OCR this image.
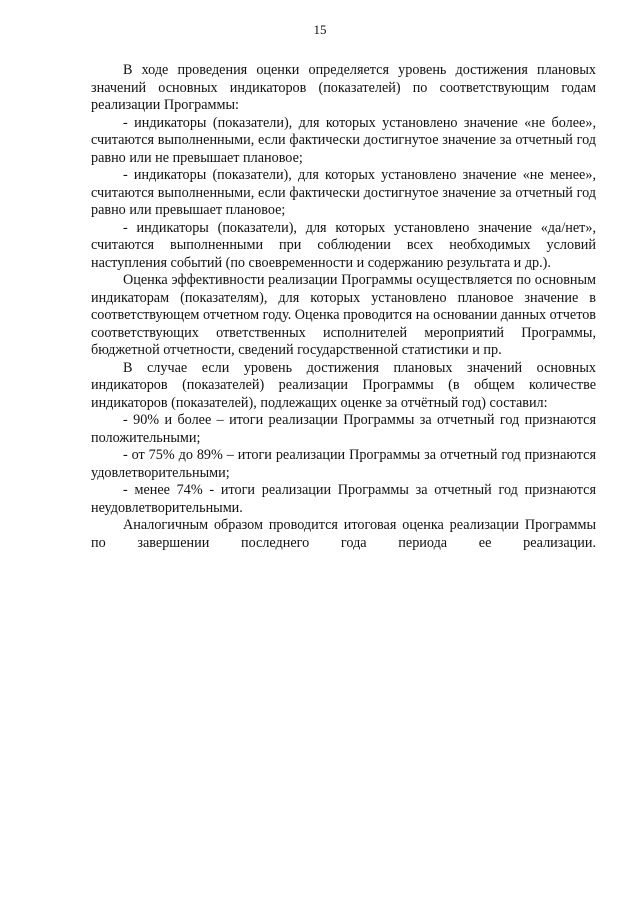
15

В ходе проведения оценки определяется уровень достижения плановых значений основных индикаторов (показателей) по соответствующим годам реализации Программы:

- индикаторы (показатели), для которых установлено значение «не более», считаются выполненными, если фактически достигнутое значение за отчетный год равно или не превышает плановое;

- индикаторы (показатели), для которых установлено значение «не менее», считаются выполненными, если фактически достигнутое значение за отчетный год равно или превышает плановое;

- индикаторы (показатели), для которых установлено значение «да/нет», считаются выполненными при соблюдении всех необходимых условий наступления событий (по своевременности и содержанию результата и др.).

Оценка эффективности реализации Программы осуществляется по основным индикаторам (показателям), для которых установлено плановое значение в соответствующем отчетном году. Оценка проводится на основании данных отчетов соответствующих ответственных исполнителей мероприятий Программы, бюджетной отчетности, сведений государственной статистики и пр.

В случае если уровень достижения плановых значений основных индикаторов (показателей) реализации Программы (в общем количестве индикаторов (показателей), подлежащих оценке за отчётный год) составил:

- 90% и более – итоги реализации Программы за отчетный год признаются положительными;

- от 75% до 89% – итоги реализации Программы за отчетный год признаются удовлетворительными;

- менее 74% - итоги реализации Программы за отчетный год признаются неудовлетворительными.

Аналогичным образом проводится итоговая оценка реализации Программы по завершении последнего года периода ее реализации.
